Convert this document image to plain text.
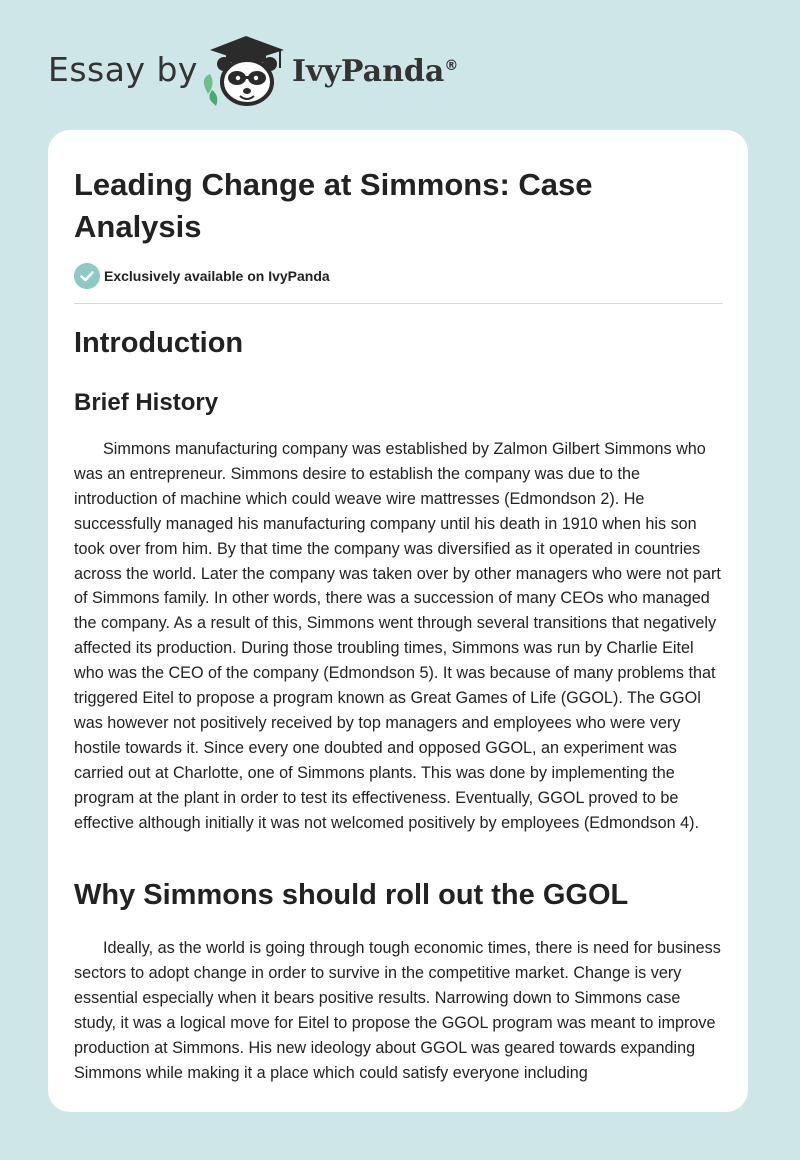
Essay by	IvyPanda®
Leading Change at Simmons: Case Analysis
Exclusively available on IvyPanda
Introduction
Brief History

Simmons manufacturing company was established by Zalmon Gilbert Simmons who was an entrepreneur. Simmons desire to establish the company was due to the introduction of machine which could weave wire mattresses (Edmondson 2). He successfully managed his manufacturing company until his death in 1910 when his son took over from him. By that time the company was diversified as it operated in countries across the world. Later the company was taken over by other managers who were not part of Simmons family. In other words, there was a succession of many CEOs who managed the company. As a result of this, Simmons went through several transitions that negatively affected its production. During those troubling times, Simmons was run by Charlie Eitel who was the CEO of the company (Edmondson 5). It was because of many problems that triggered Eitel to propose a program known as Great Games of Life (GGOL). The GGOl was however not positively received by top managers and employees who were very hostile towards it. Since every one doubted and opposed GGOL, an experiment was carried out at Charlotte, one of Simmons plants. This was done by implementing the program at the plant in order to test its effectiveness. Eventually, GGOL proved to be effective although initially it was not welcomed positively by employees (Edmondson 4).

Why Simmons should roll out the GGOL

Ideally, as the world is going through tough economic times, there is need for business sectors to adopt change in order to survive in the competitive market. Change is very essential especially when it bears positive results. Narrowing down to Simmons case study, it was a logical move for Eitel to propose the GGOL program was meant to improve production at Simmons. His new ideology about GGOL was geared towards expanding Simmons while making it a place which could satisfy everyone including
